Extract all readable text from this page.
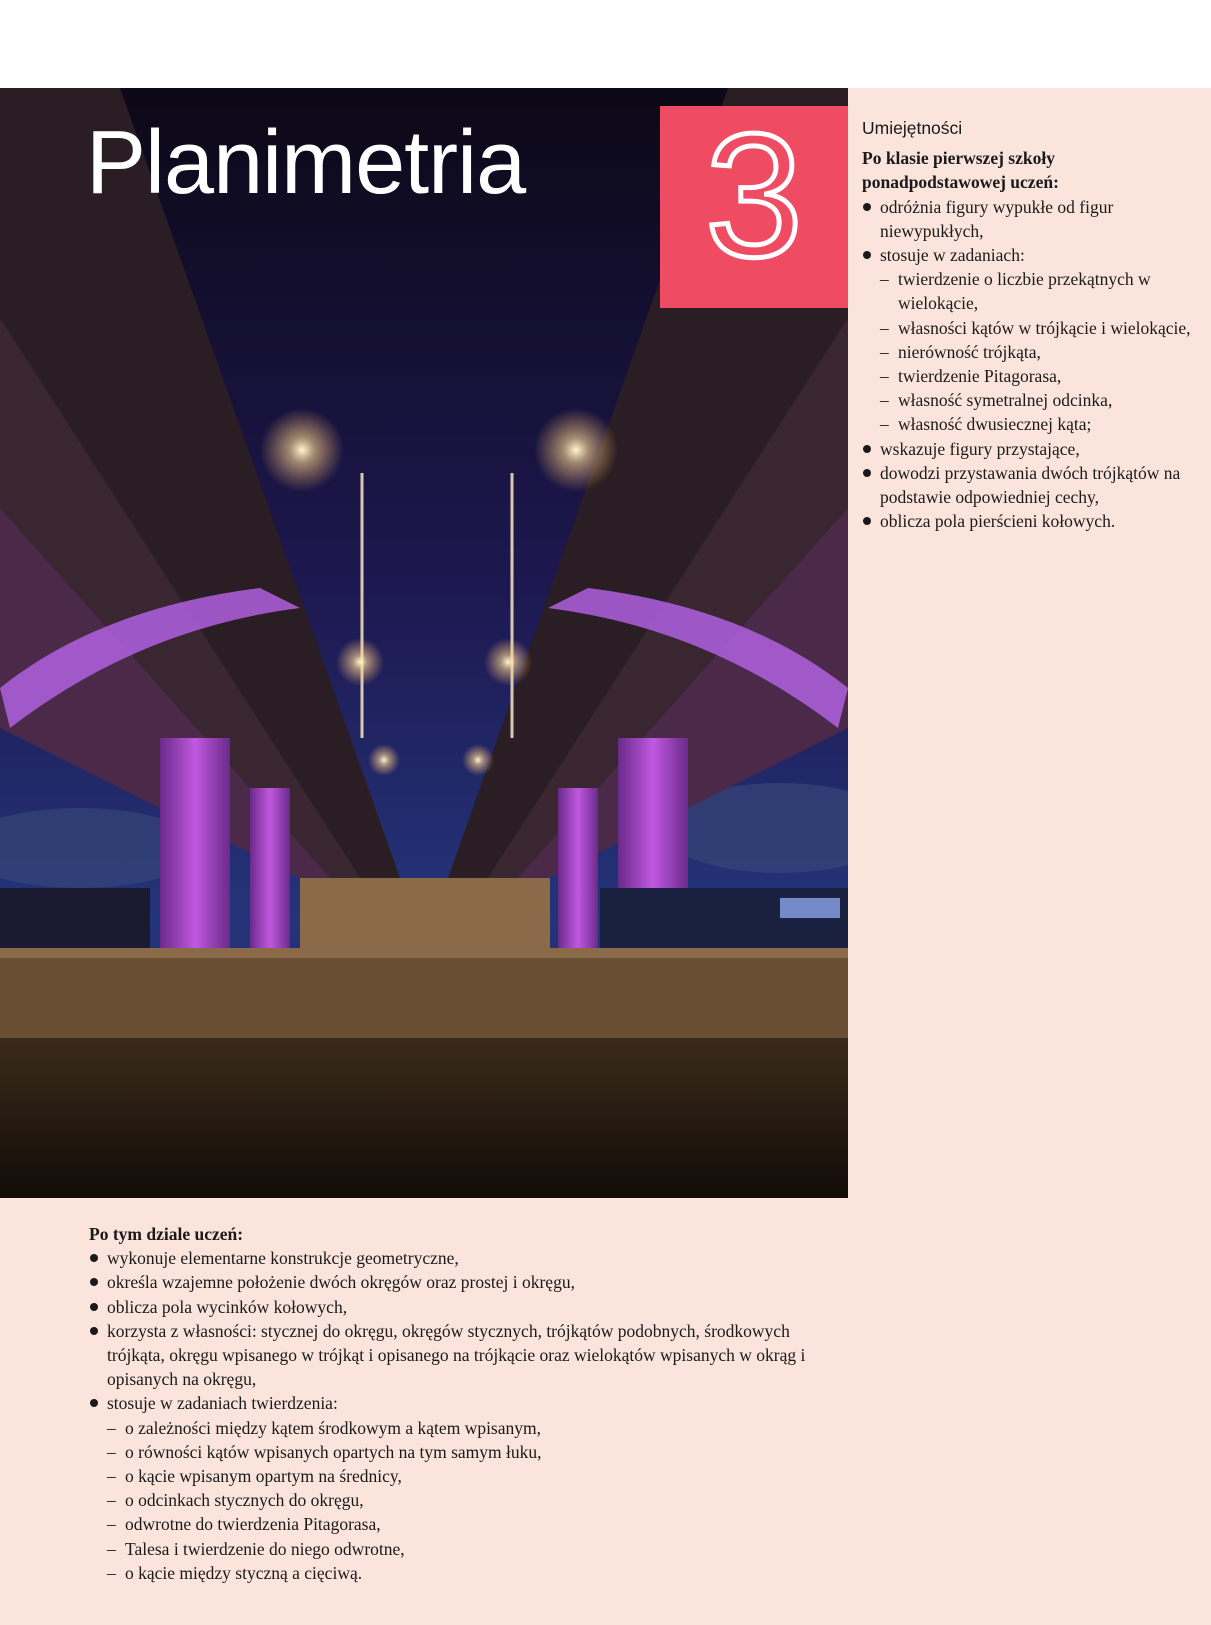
Planimetria 3	Umiejętności

Po klasie pierwszej szkoły ponadpodstawowej uczeń:

odróżnia figury wypukłe od figur niewypukłych,
stosuje w zadaniach:
– twierdzenie o liczbie przekątnych w wielokącie,
– własności kątów w trójkącie i wielokącie,
– nierówność trójkąta,
– twierdzenie Pitagorasa,
– własność symetralnej odcinka,
– własność dwusiecznej kąta;
wskazuje figury przystające,
dowodzi przystawania dwóch trójkątów na podstawie odpowiedniej cechy,
oblicza pola pierścieni kołowych.

Po tym dziale uczeń:

wykonuje elementarne konstrukcje geometryczne,
określa wzajemne położenie dwóch okręgów oraz prostej i okręgu,
oblicza pola wycinków kołowych,
korzysta z własności: stycznej do okręgu, okręgów stycznych, trójkątów podobnych, środkowych trójkąta, okręgu wpisanego w trójkąt i opisanego na trójkącie oraz wielokątów wpisanych w okrąg i opisanych na okręgu,
stosuje w zadaniach twierdzenia:
– o zależności między kątem środkowym a kątem wpisanym,
– o równości kątów wpisanych opartych na tym samym łuku,
– o kącie wpisanym opartym na średnicy,
– o odcinkach stycznych do okręgu,
– odwrotne do twierdzenia Pitagorasa,
– Talesa i twierdzenie do niego odwrotne,
– o kącie między styczną a cięciwą.
